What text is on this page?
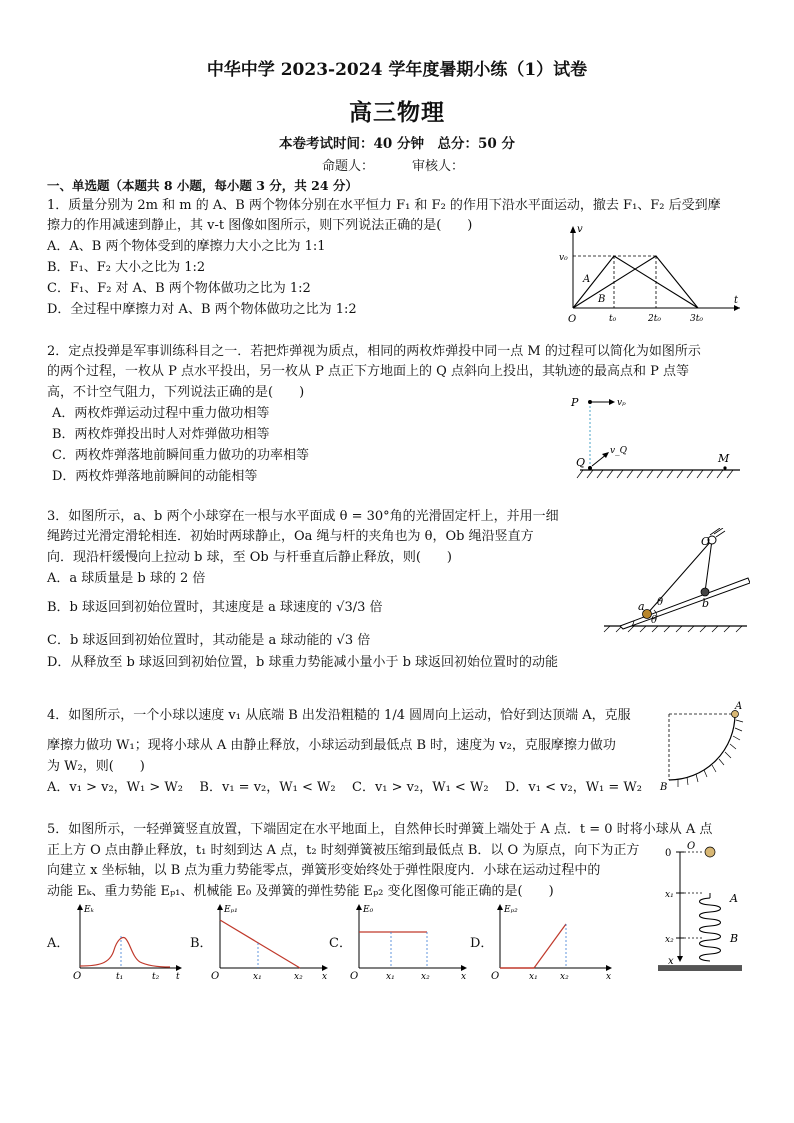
中华中学 2023-2024 学年度暑期小练（1）试卷
高三物理
本卷考试时间：40 分钟　总分：50 分
命题人：	审核人：
一、单选题（本题共 8 小题，每小题 3 分，共 24 分）
1．质量分别为 2m 和 m 的 A、B 两个物体分别在水平恒力 F₁ 和 F₂ 的作用下沿水平面运动，撤去 F₁、F₂ 后受到摩
擦力的作用减速到静止，其 v-t 图像如图所示，则下列说法正确的是(　　)
A．A、B 两个物体受到的摩擦力大小之比为 1:1
B．F₁、F₂ 大小之比为 1:2
C．F₁、F₂ 对 A、B 两个物体做功之比为 1:2
D．全过程中摩擦力对 A、B 两个物体做功之比为 1:2
v
t
O
v₀
A
B
t₀	2t₀	3t₀
2．定点投弹是军事训练科目之一．若把炸弹视为质点，相同的两枚炸弹投中同一点 M 的过程可以简化为如图所示
的两个过程，一枚从 P 点水平投出，另一枚从 P 点正下方地面上的 Q 点斜向上投出，其轨迹的最高点和 P 点等
高，不计空气阻力，下列说法正确的是(　　)
A．两枚炸弹运动过程中重力做功相等
B．两枚炸弹投出时人对炸弹做功相等
C．两枚炸弹落地前瞬间重力做功的功率相等
D．两枚炸弹落地前瞬间的动能相等
P
Q	M
vₚ
v_Q
3．如图所示，a、b 两个小球穿在一根与水平面成 θ = 30°角的光滑固定杆上，并用一细
绳跨过光滑定滑轮相连．初始时两球静止，Oa 绳与杆的夹角也为 θ，Ob 绳沿竖直方
向．现沿杆缓慢向上拉动 b 球，至 Ob 与杆垂直后静止释放，则(　　)
A．a 球质量是 b 球的 2 倍
B．b 球返回到初始位置时，其速度是 a 球速度的 √3/3 倍
C．b 球返回到初始位置时，其动能是 a 球动能的 √3 倍
D．从释放至 b 球返回到初始位置，b 球重力势能减小量小于 b 球返回初始位置时的动能
O
a	b
θ
θ
4．如图所示，一个小球以速度 v₁ 从底端 B 出发沿粗糙的 1/4 圆周向上运动，恰好到达顶端 A，克服
摩擦力做功 W₁；现将小球从 A 由静止释放，小球运动到最低点 B 时，速度为 v₂，克服摩擦力做功
为 W₂，则(　　)
A．v₁ > v₂，W₁ > W₂ B．v₁ = v₂，W₁ < W₂ C．v₁ > v₂，W₁ < W₂ D．v₁ < v₂，W₁ = W₂
A
B
5．如图所示，一轻弹簧竖直放置，下端固定在水平地面上，自然伸长时弹簧上端处于 A 点．t = 0 时将小球从 A 点
正上方 O 点由静止释放，t₁ 时刻到达 A 点，t₂ 时刻弹簧被压缩到最低点 B．以 O 为原点，向下为正方
向建立 x 坐标轴，以 B 点为重力势能零点，弹簧形变始终处于弹性限度内．小球在运动过程中的
动能 Eₖ、重力势能 Eₚ₁、机械能 E₀ 及弹簧的弹性势能 Eₚ₂ 变化图像可能正确的是(　　)
A．
Eₖ
t
O	t₁	t₂
B．
Eₚ₁
x
O	x₁	x₂
C．
E₀
x
O	x₁	x₂
D．
Eₚ₂
x
O	x₁ x₂
0
O
x₁
x₂
A
B
x
